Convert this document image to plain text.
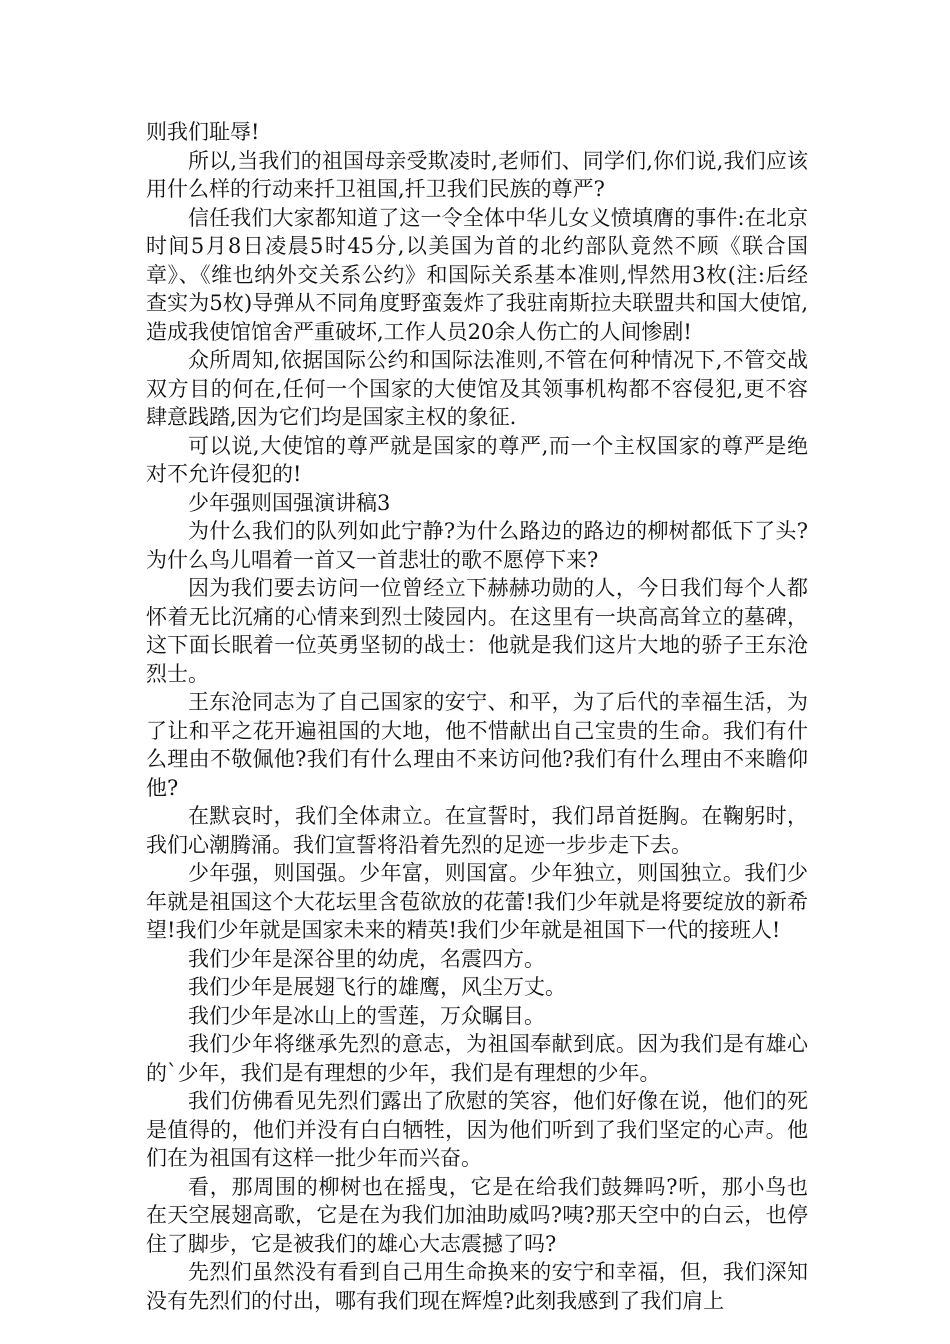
则我们耻辱!

所以,当我们的祖国母亲受欺凌时,老师们、同学们,你们说,我们应该用什么样的行动来扦卫祖国,扦卫我们民族的尊严?

信任我们大家都知道了这一令全体中华儿女义愤填膺的事件:在北京时间5月8日凌晨5时45分,以美国为首的北约部队竟然不顾《联合国章》、《维也纳外交关系公约》和国际关系基本准则,悍然用3枚(注:后经查实为5枚)导弹从不同角度野蛮轰炸了我驻南斯拉夫联盟共和国大使馆,造成我使馆馆舍严重破坏,工作人员20余人伤亡的人间惨剧!

众所周知,依据国际公约和国际法准则,不管在何种情况下,不管交战双方目的何在,任何一个国家的大使馆及其领事机构都不容侵犯,更不容肆意践踏,因为它们均是国家主权的象征.

可以说,大使馆的尊严就是国家的尊严,而一个主权国家的尊严是绝对不允许侵犯的!

少年强则国强演讲稿3

为什么我们的队列如此宁静?为什么路边的路边的柳树都低下了头?为什么鸟儿唱着一首又一首悲壮的歌不愿停下来?

因为我们要去访问一位曾经立下赫赫功勋的人，今日我们每个人都怀着无比沉痛的心情来到烈士陵园内。在这里有一块高高耸立的墓碑，这下面长眠着一位英勇坚韧的战士：他就是我们这片大地的骄子王东沧烈士。

王东沧同志为了自己国家的安宁、和平，为了后代的幸福生活，为了让和平之花开遍祖国的大地，他不惜献出自己宝贵的生命。我们有什么理由不敬佩他?我们有什么理由不来访问他?我们有什么理由不来瞻仰他?

在默哀时，我们全体肃立。在宣誓时，我们昂首挺胸。在鞠躬时，我们心潮腾涌。我们宣誓将沿着先烈的足迹一步步走下去。

少年强，则国强。少年富，则国富。少年独立，则国独立。我们少年就是祖国这个大花坛里含苞欲放的花蕾!我们少年就是将要绽放的新希望!我们少年就是国家未来的精英!我们少年就是祖国下一代的接班人!

我们少年是深谷里的幼虎，名震四方。

我们少年是展翅飞行的雄鹰，风尘万丈。

我们少年是冰山上的雪莲，万众瞩目。

我们少年将继承先烈的意志，为祖国奉献到底。因为我们是有雄心的`少年，我们是有理想的少年，我们是有理想的少年。

我们仿佛看见先烈们露出了欣慰的笑容，他们好像在说，他们的死是值得的，他们并没有白白牺牲，因为他们听到了我们坚定的心声。他们在为祖国有这样一批少年而兴奋。

看，那周围的柳树也在摇曳，它是在给我们鼓舞吗?听，那小鸟也在天空展翅高歌，它是在为我们加油助威吗?咦?那天空中的白云，也停住了脚步，它是被我们的雄心大志震撼了吗?

先烈们虽然没有看到自己用生命换来的安宁和幸福，但，我们深知没有先烈们的付出，哪有我们现在辉煌?此刻我感到了我们肩上
